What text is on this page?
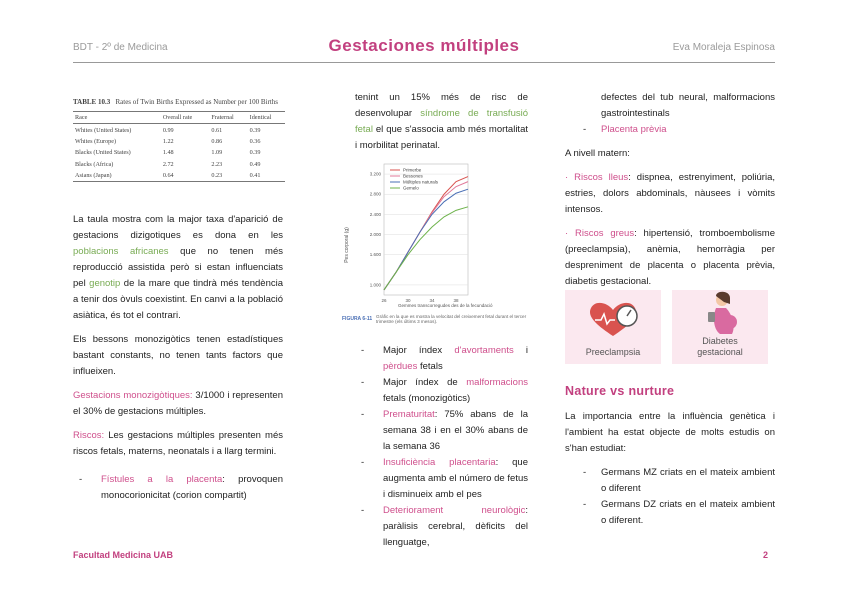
BDT - 2º de Medicina	Gestaciones múltiples	Eva Moraleja Espinosa
TABLE 10.3 Rates of Twin Births Expressed as Number per 100 Births
Race	Overall rate	Fraternal	Identical
Whites (United States)	0.99	0.61	0.39
Whites (Europe)	1.22	0.86	0.36
Blacks (United States)	1.48	1.09	0.39
Blacks (Africa)	2.72	2.23	0.49
Asians (Japan)	0.64	0.23	0.41

La taula mostra com la major taxa d'aparició de gestacions dizigotiques es dona en les poblacions africanes que no tenen més reproducció assistida però si estan influenciats pel genotip de la mare que tindrà més tendència a tenir dos òvuls coexistint. En canvi a la població asiàtica, és tot el contrari.

Els bessons monozigòtics tenen estadístiques bastant constants, no tenen tants factors que influeixen.

Gestacions monozigòtiques: 3/1000 i representen el 30% de gestacions múltiples.

Riscos: Les gestacions múltiples presenten més riscos fetals, materns, neonatals i a llarg termini.

- Fístules a la placenta: provoquen monocorionicitat (corion compartit)

tenint un 15% més de risc de desenvolupar síndrome de transfusió fetal el que s'associa amb més mortalitat i morbilitat perinatal.

1.000
1.600
2.000
2.400
2.800
3.200
26	30	34	38
Primerbe
Bessones
Múltiples naturals
Gemelo
Pes corporal (g)
Gemmes transcorregudes des de la fecundació
FIGURA 6-11 Gràfic en la que es mostra la velocitat del creixement fetal durant el tercer trimestre (els últims 3 mesos).
- Major índex d'avortaments i pèrdues fetals
- Major índex de malformacions fetals (monozigòtics)
- Prematuritat: 75% abans de la semana 38 i en el 30% abans de la semana 36
- Insuficiència placentaria: que augmenta amb el número de fetus i disminueix amb el pes
- Deteriorament neurològic: paràlisis cerebral, dèficits del llenguatge,
defectes del tub neural, malformacions gastrointestinals
- Placenta prèvia

A nivell matern:

· Riscos lleus: dispnea, estrenyiment, poliúria, estries, dolors abdominals, nàusees i vòmits intensos.

· Riscos greus: hipertensió, tromboembolisme (preeclampsia), anèmia, hemorràgia per despreniment de placenta o placenta prèvia, diabetis gestacional.

Preeclampsia
Diabetes
gestacional
Nature vs nurture

La importancia entre la influència genètica i l'ambient ha estat objecte de molts estudis on s'han estudiat:

- Germans MZ criats en el mateix ambient o diferent
- Germans DZ criats en el mateix ambient o diferent.
Facultad Medicina UAB	2
